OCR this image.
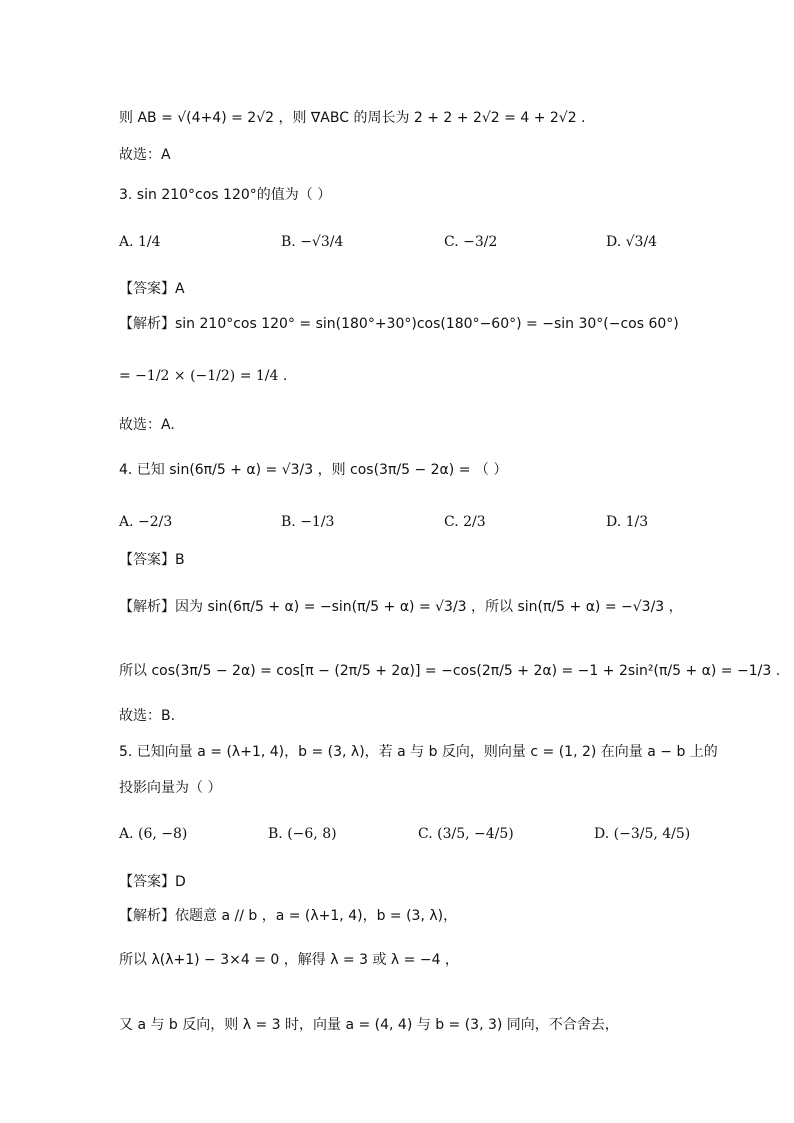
则 AB = √(4+4) = 2√2 ，则 ∇ABC 的周长为 2 + 2 + 2√2 = 4 + 2√2 .
故选：A
3. sin 210°cos 120°的值为（ ）
A. 1/4	B. −√3/4	C. −3/2	D. √3/4
【答案】A
【解析】sin 210°cos 120° = sin(180°+30°)cos(180°−60°) = −sin 30°(−cos 60°)
= −1/2 × (−1/2) = 1/4 .
故选：A.
4. 已知 sin(6π/5 + α) = √3/3 ，则 cos(3π/5 − 2α) = （ ）
A. −2/3	B. −1/3	C. 2/3	D. 1/3
【答案】B
【解析】因为 sin(6π/5 + α) = −sin(π/5 + α) = √3/3 ，所以 sin(π/5 + α) = −√3/3 ，
所以 cos(3π/5 − 2α) = cos[π − (2π/5 + 2α)] = −cos(2π/5 + 2α) = −1 + 2sin²(π/5 + α) = −1/3 .
故选：B.
5. 已知向量 a = (λ+1, 4)，b = (3, λ)，若 a 与 b 反向，则向量 c = (1, 2) 在向量 a − b 上的
投影向量为（ ）
A. (6, −8)	B. (−6, 8)	C. (3/5, −4/5)	D. (−3/5, 4/5)
【答案】D
【解析】依题意 a // b ，a = (λ+1, 4)，b = (3, λ)，
所以 λ(λ+1) − 3×4 = 0 ，解得 λ = 3 或 λ = −4 ，
又 a 与 b 反向，则 λ = 3 时，向量 a = (4, 4) 与 b = (3, 3) 同向，不合舍去，
